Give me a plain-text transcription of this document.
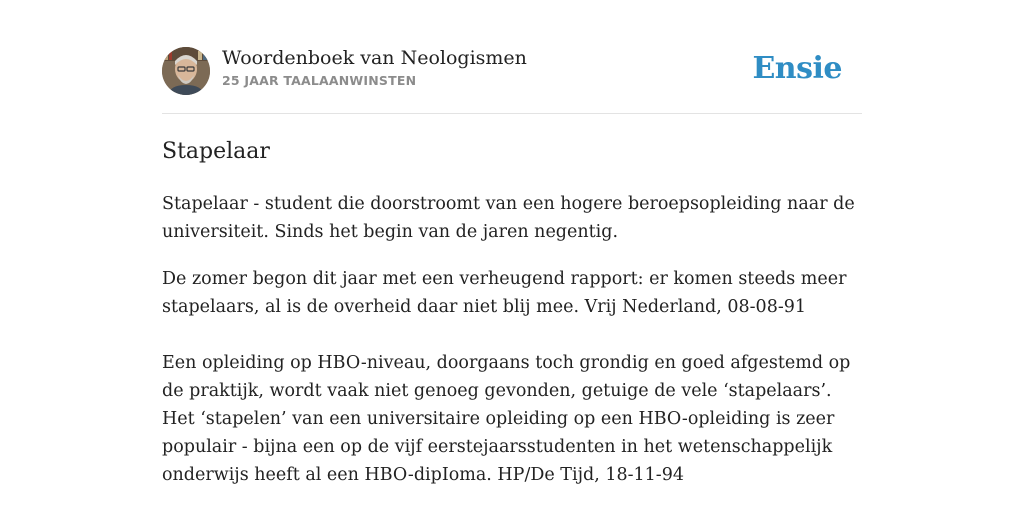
Woordenboek van Neologismen
25 JAAR TAALAANWINSTEN	Ensie
Stapelaar

Stapelaar - student die doorstroomt van een hogere beroepsopleiding naar de universiteit. Sinds het begin van de jaren negentig.

De zomer begon dit jaar met een verheugend rapport: er komen steeds meer stapelaars, al is de overheid daar niet blij mee. Vrij Nederland, 08-08-91

Een opleiding op HBO-niveau, doorgaans toch grondig en goed afgestemd op de praktijk, wordt vaak niet genoeg gevonden, getuige de vele ‘stapelaars’. Het ‘stapelen’ van een universitaire opleiding op een HBO-opleiding is zeer populair - bijna een op de vijf eerstejaarsstudenten in het wetenschappelijk onderwijs heeft al een HBO-dipIoma. HP/De Tijd, 18-11-94
